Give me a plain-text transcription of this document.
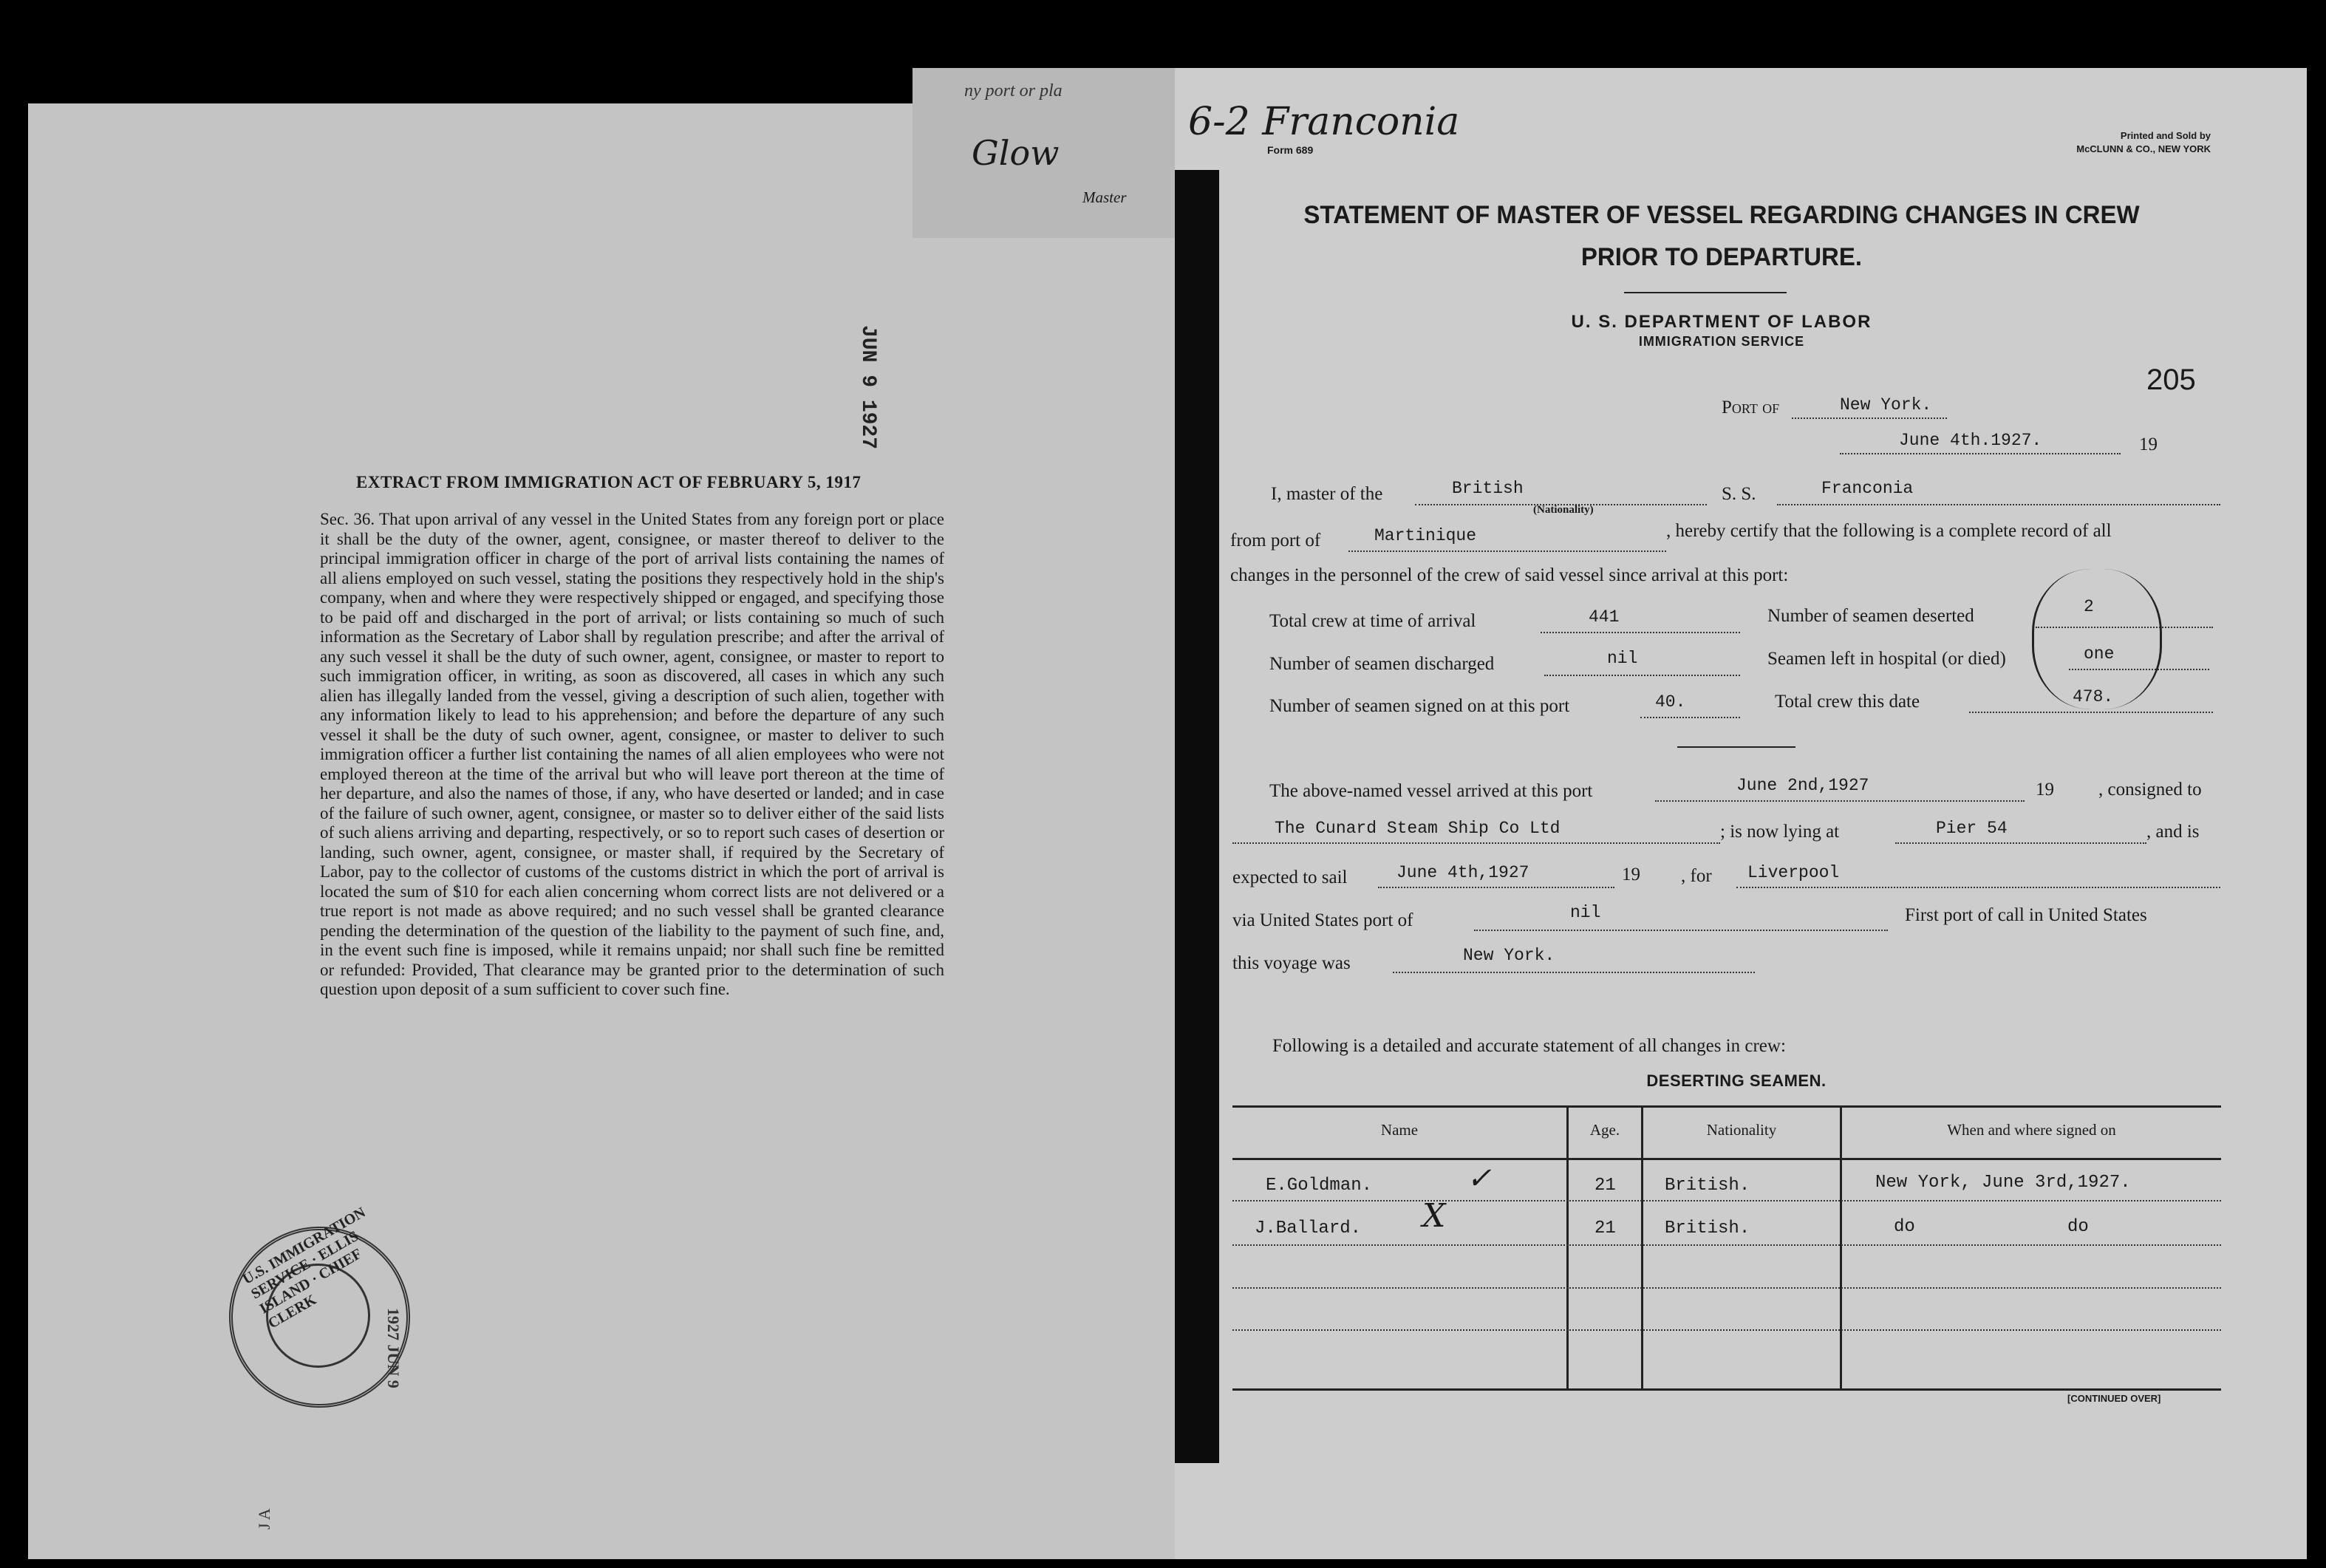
JUN 9 1927
EXTRACT FROM IMMIGRATION ACT OF FEBRUARY 5, 1917
Sec. 36. That upon arrival of any vessel in the United States from any foreign port or place it shall be the duty of the owner, agent, consignee, or master thereof to deliver to the principal immigration officer in charge of the port of arrival lists containing the names of all aliens employed on such vessel, stating the positions they respectively hold in the ship's company, when and where they were respectively shipped or engaged, and specifying those to be paid off and discharged in the port of arrival; or lists containing so much of such information as the Secretary of Labor shall by regulation prescribe; and after the arrival of any such vessel it shall be the duty of such owner, agent, consignee, or master to report to such immigration officer, in writing, as soon as discovered, all cases in which any such alien has illegally landed from the vessel, giving a description of such alien, together with any information likely to lead to his apprehension; and before the departure of any such vessel it shall be the duty of such owner, agent, consignee, or master to deliver to such immigration officer a further list containing the names of all alien employees who were not employed thereon at the time of the arrival but who will leave port thereon at the time of her departure, and also the names of those, if any, who have deserted or landed; and in case of the failure of such owner, agent, consignee, or master so to deliver either of the said lists of such aliens arriving and departing, respectively, or so to report such cases of desertion or landing, such owner, agent, consignee, or master shall, if required by the Secretary of Labor, pay to the collector of customs of the customs district in which the port of arrival is located the sum of $10 for each alien concerning whom correct lists are not delivered or a true report is not made as above required; and no such vessel shall be granted clearance pending the determination of the question of the liability to the payment of such fine, and, in the event such fine is imposed, while it remains unpaid; nor shall such fine be remitted or refunded: Provided, That clearance may be granted prior to the determination of such question upon deposit of a sum sufficient to cover such fine.
U.S. IMMIGRATION SERVICE · ELLIS ISLAND · CHIEF CLERK	1927 JUN 9
J A
ny port or pla
Glow
Master
6-2 Franconia
Form 689
Printed and Sold by
McCLUNN & CO., NEW YORK
STATEMENT OF MASTER OF VESSEL REGARDING CHANGES IN CREW
PRIOR TO DEPARTURE.
U. S. DEPARTMENT OF LABOR
IMMIGRATION SERVICE
205
Port of	New York.
June 4th.1927.	19
I, master of the	British
(Nationality)
S. S.	Franconia
from port of	Martinique	, hereby certify that the following is a complete record of all
changes in the personnel of the crew of said vessel since arrival at this port:
Total crew at time of arrival	441	Number of seamen deserted	2
Number of seamen discharged	nil	Seamen left in hospital (or died)	one
Number of seamen signed on at this port	40.	Total crew this date	478.
The above-named vessel arrived at this port	June 2nd,1927	19 , consigned to
The Cunard Steam Ship Co Ltd	; is now lying at	Pier 54	, and is
expected to sail	June 4th,1927	19 , for Liverpool
via United States port of	nil	First port of call in United States
this voyage was	New York.
Following is a detailed and accurate statement of all changes in crew:
DESERTING SEAMEN.
Name	Age.	Nationality	When and where signed on
E.Goldman.	21	British.	New York, June 3rd,1927.
J.Ballard.	21	British.	do	do
✓
X
[CONTINUED OVER]
